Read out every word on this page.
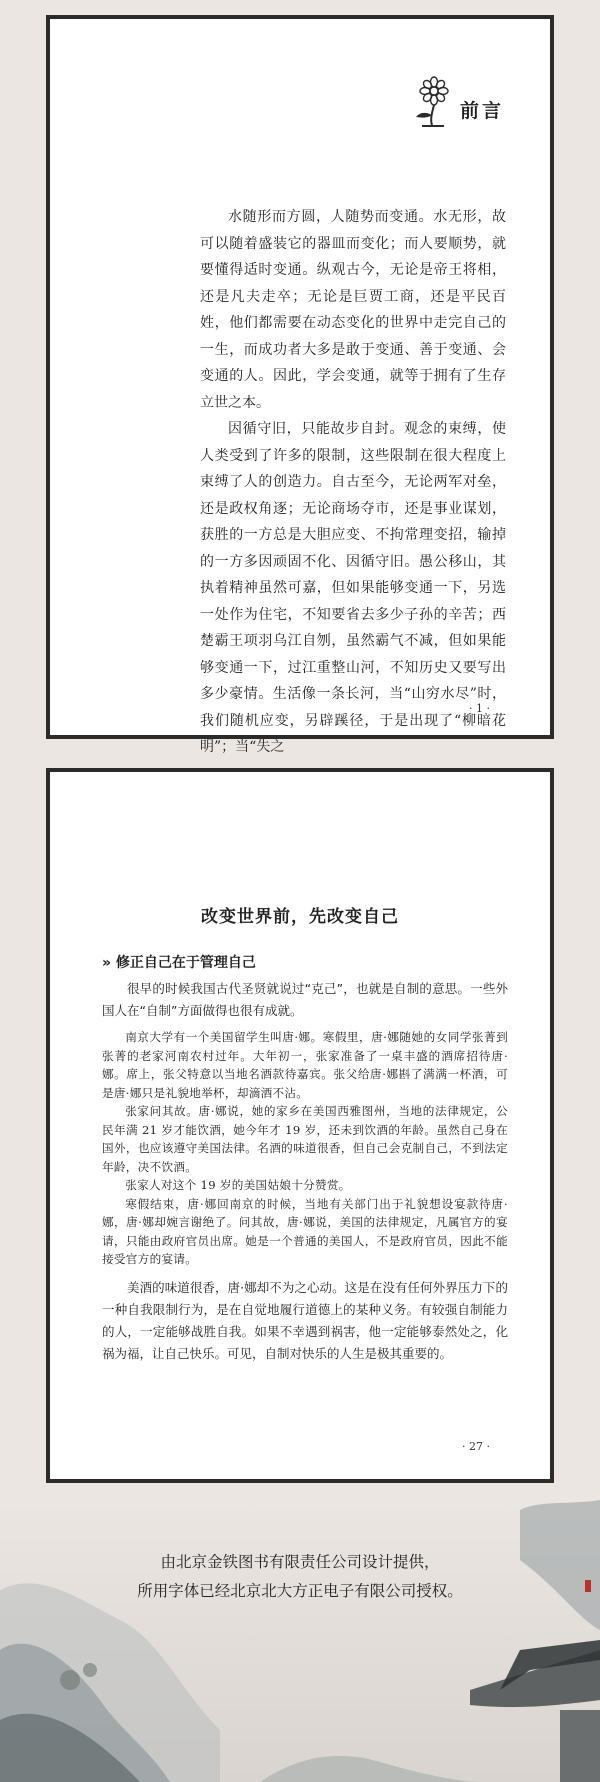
前言

水随形而方圆，人随势而变通。水无形，故可以随着盛装它的器皿而变化；而人要顺势，就要懂得适时变通。纵观古今，无论是帝王将相，还是凡夫走卒；无论是巨贾工商，还是平民百姓，他们都需要在动态变化的世界中走完自己的一生，而成功者大多是敢于变通、善于变通、会变通的人。因此，学会变通，就等于拥有了生存立世之本。

因循守旧，只能故步自封。观念的束缚，使人类受到了许多的限制，这些限制在很大程度上束缚了人的创造力。自古至今，无论两军对垒，还是政权角逐；无论商场夺市，还是事业谋划，获胜的一方总是大胆应变、不拘常理变招，输掉的一方多因顽固不化、因循守旧。愚公移山，其执着精神虽然可嘉，但如果能够变通一下，另选一处作为住宅，不知要省去多少子孙的辛苦；西楚霸王项羽乌江自刎，虽然霸气不减，但如果能够变通一下，过江重整山河，不知历史又要写出多少豪情。生活像一条长河，当“山穷水尽”时，我们随机应变，另辟蹊径，于是出现了“柳暗花明”；当“失之

· 1 ·
改变世界前，先改变自己
» 修正自己在于管理自己

很早的时候我国古代圣贤就说过“克己”，也就是自制的意思。一些外国人在“自制”方面做得也很有成就。

南京大学有一个美国留学生叫唐·娜。寒假里，唐·娜随她的女同学张菁到张菁的老家河南农村过年。大年初一，张家准备了一桌丰盛的酒席招待唐·娜。席上，张父特意以当地名酒款待嘉宾。张父给唐·娜斟了满满一杯酒，可是唐·娜只是礼貌地举杯，却滴酒不沾。

张家问其故。唐·娜说，她的家乡在美国西雅图州，当地的法律规定，公民年满 21 岁才能饮酒，她今年才 19 岁，还未到饮酒的年龄。虽然自己身在国外，也应该遵守美国法律。名酒的味道很香，但自己会克制自己，不到法定年龄，决不饮酒。

张家人对这个 19 岁的美国姑娘十分赞赏。

寒假结束，唐·娜回南京的时候，当地有关部门出于礼貌想设宴款待唐·娜，唐·娜却婉言谢绝了。问其故，唐·娜说，美国的法律规定，凡属官方的宴请，只能由政府官员出席。她是一个普通的美国人，不是政府官员，因此不能接受官方的宴请。

美酒的味道很香，唐·娜却不为之心动。这是在没有任何外界压力下的一种自我限制行为，是在自觉地履行道德上的某种义务。有较强自制能力的人，一定能够战胜自我。如果不幸遇到祸害，他一定能够泰然处之，化祸为福，让自己快乐。可见，自制对快乐的人生是极其重要的。

· 27 ·
由北京金铁图书有限责任公司设计提供，
所用字体已经北京北大方正电子有限公司授权。
